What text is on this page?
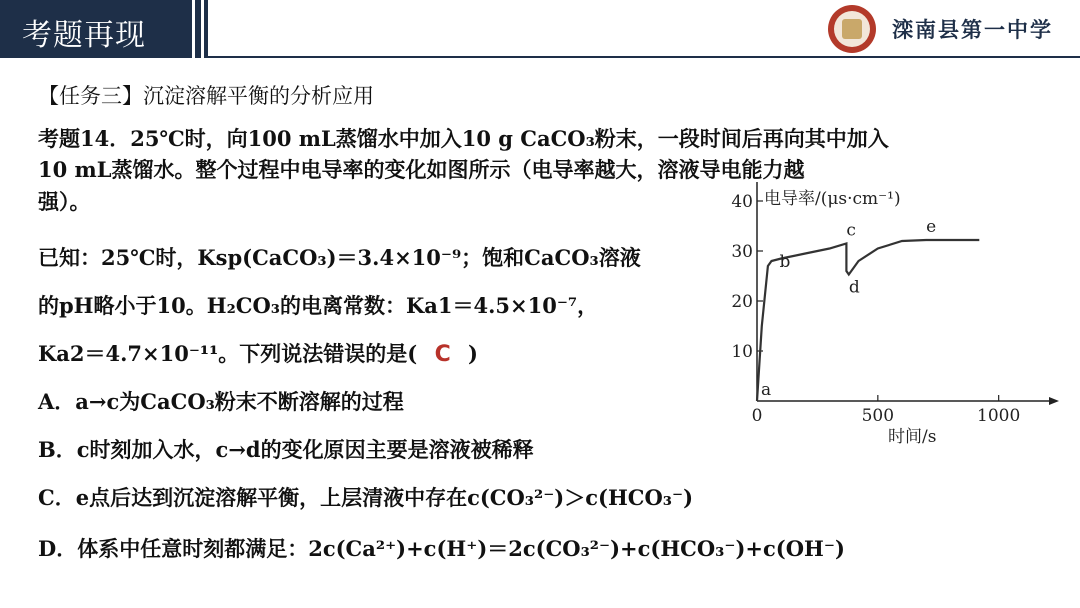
考题再现	滦南县第一中学
【任务三】沉淀溶解平衡的分析应用
考题14．25℃时，向100 mL蒸馏水中加入10 g CaCO₃粉末，一段时间后再向其中加入
10 mL蒸馏水。整个过程中电导率的变化如图所示（电导率越大，溶液导电能力越
强）。
已知：25℃时，Ksp(CaCO₃)＝3.4×10⁻⁹；饱和CaCO₃溶液
的pH略小于10。H₂CO₃的电离常数：Ka1＝4.5×10⁻⁷，
Ka2＝4.7×10⁻¹¹。下列说法错误的是( C )
A．a→c为CaCO₃粉末不断溶解的过程
B．c时刻加入水，c→d的变化原因主要是溶液被稀释
C．e点后达到沉淀溶解平衡，上层清液中存在c(CO₃²⁻)＞c(HCO₃⁻)
D．体系中任意时刻都满足：2c(Ca²⁺)+c(H⁺)＝2c(CO₃²⁻)+c(HCO₃⁻)+c(OH⁻)
10
20
30
40
0	500	1000
a
b
c
d
e
电导率/(μs·cm⁻¹)
时间/s
